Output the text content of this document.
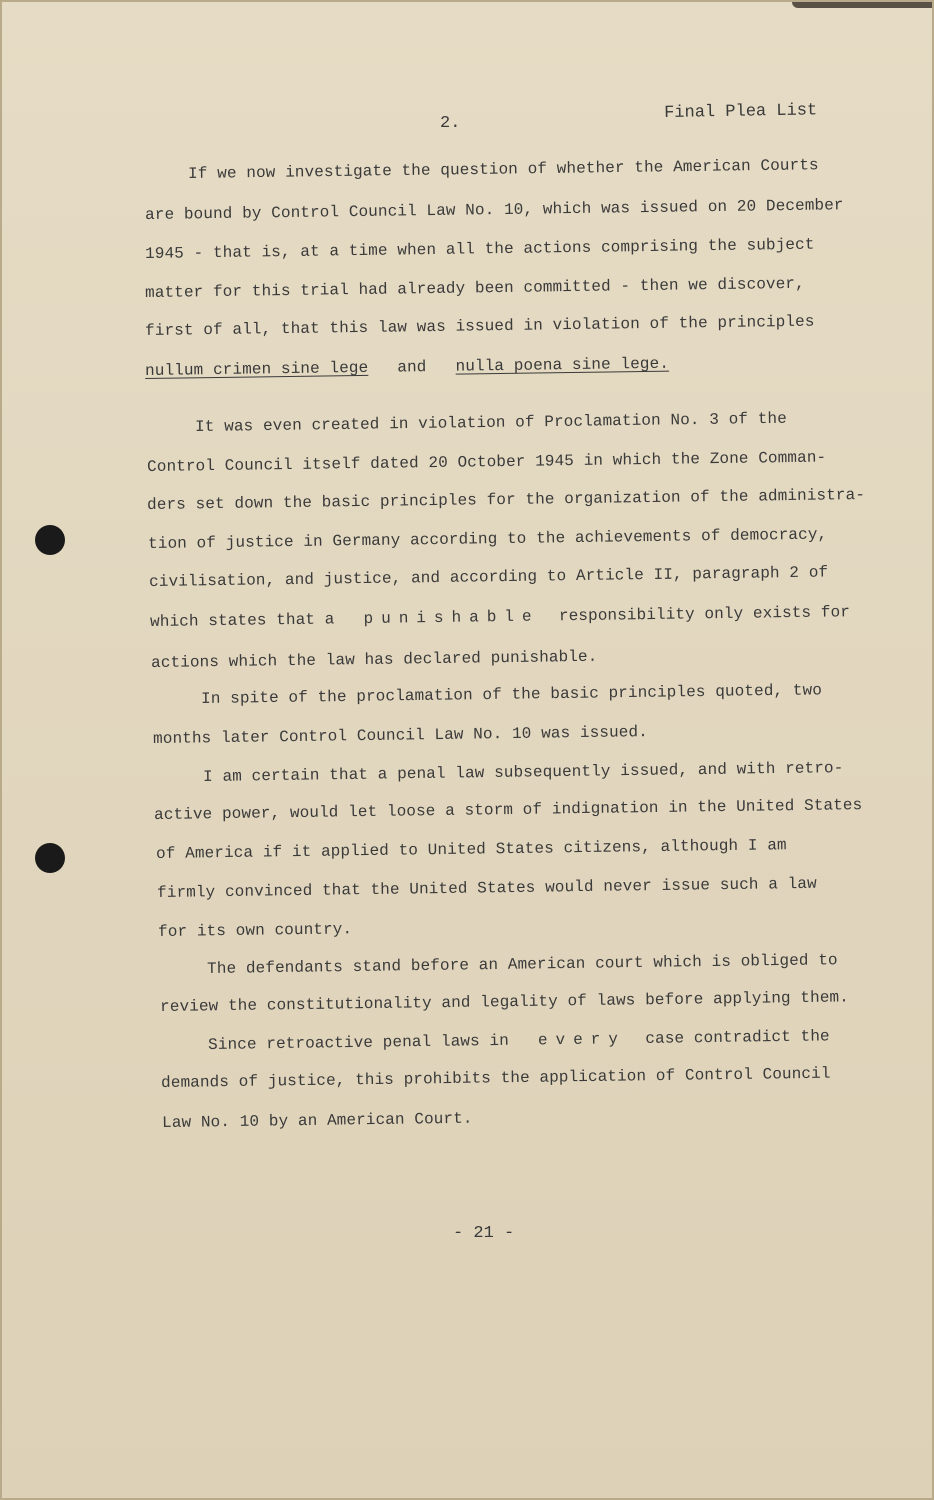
2.
Final Plea List
If we now investigate the question of whether the American Courts
are bound by Control Council Law No. 10, which was issued on 20 December
1945 - that is, at a time when all the actions comprising the subject
matter for this trial had already been committed - then we discover,
first of all, that this law was issued in violation of the principles
nullum crimen sine lege and nulla poena sine lege.
It was even created in violation of Proclamation No. 3 of the
Control Council itself dated 20 October 1945 in which the Zone Comman-
ders set down the basic principles for the organization of the administra-
tion of justice in Germany according to the achievements of democracy,
civilisation, and justice, and according to Article II, paragraph 2 of
which states that a punishable responsibility only exists for
actions which the law has declared punishable.
In spite of the proclamation of the basic principles quoted, two
months later Control Council Law No. 10 was issued.
I am certain that a penal law subsequently issued, and with retro-
active power, would let loose a storm of indignation in the United States
of America if it applied to United States citizens, although I am
firmly convinced that the United States would never issue such a law
for its own country.
The defendants stand before an American court which is obliged to
review the constitutionality and legality of laws before applying them.
Since retroactive penal laws in every case contradict the
demands of justice, this prohibits the application of Control Council
Law No. 10 by an American Court.
- 21 -
